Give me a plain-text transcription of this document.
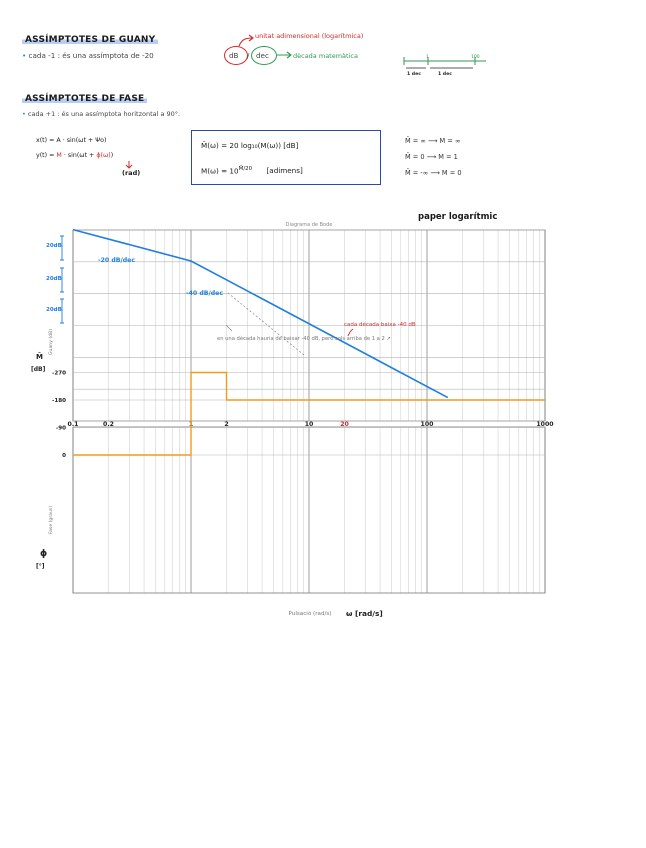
ASSÍMPTOTES DE GUANY
• cada -1 : és una assímptota de -20	dB / dec
unitat adimensional (logarítmica)
dècada matemàtica	1	100
1 dec	1 dec
ASSÍMPTOTES DE FASE
• cada +1 : és una assímptota horitzontal a 90°.
x(t) = A · sin(ωt + Ψo)
y(t) = M · sin(ωt + ϕ(ω))
(rad)
M̄(ω) = 20 log₁₀(M(ω)) [dB]
$M(\omega) = 10^{M̄/20}$ [adimens]
M̄ = ∞ ⟶ M = ∞
M̄ = 0 ⟶ M = 1
M̄ = -∞ ⟶ M = 0
paper logarítmic
Diagrama de Bode
20dB
20dB
20dB
Guany (dB)
M̄
[dB]
-20 dB/dec
-40 dB/dec
cada dècada baixa -40 dB
en una dècada hauria de baixar -40 dB, però sols arriba de 1 a 2 ↗
0.1	0.2	1	2	10	20	100	1000
0
-90
-180
-270
Fase (graus)
ϕ
[°]
Pulsació (rad/s) ω [rad/s]
